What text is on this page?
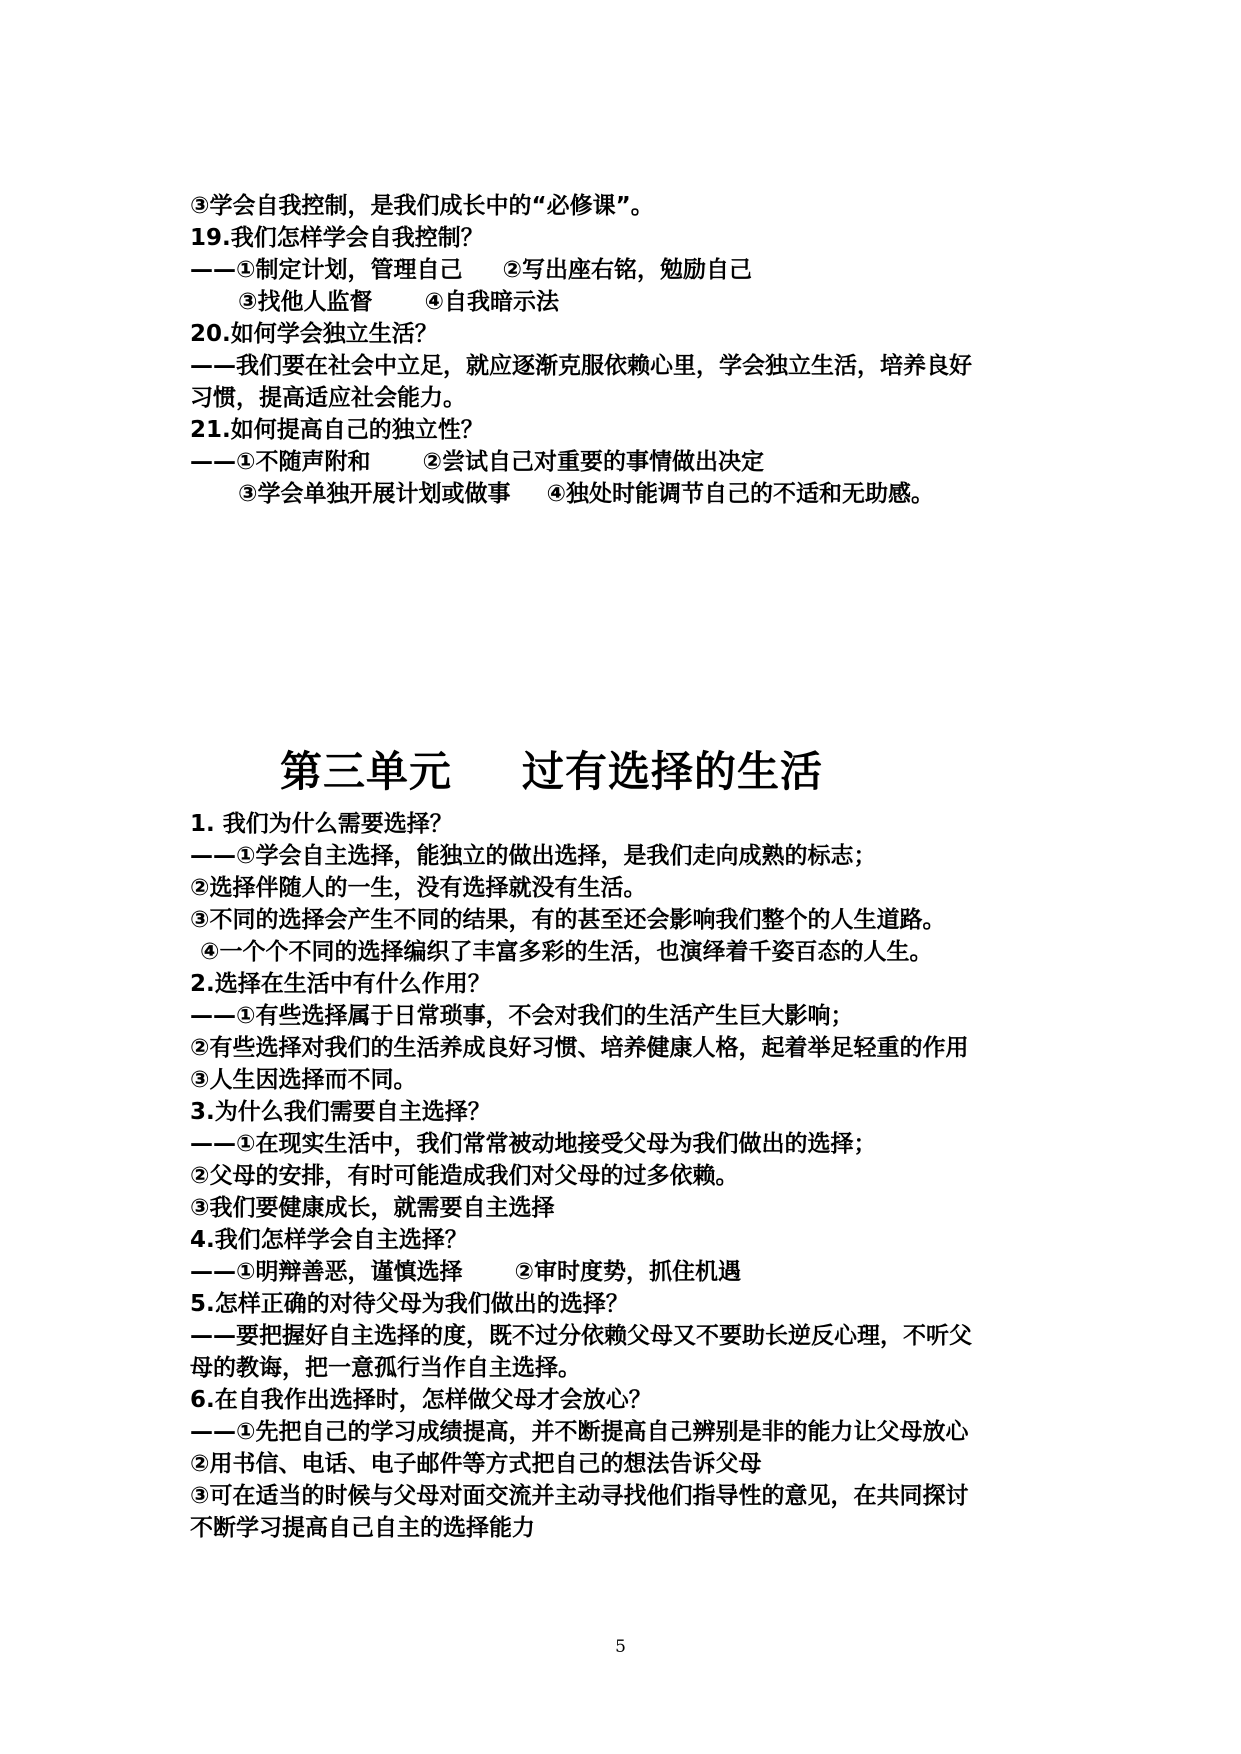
③学会自我控制，是我们成长中的“必修课”。
19.我们怎样学会自我控制？
——①制定计划，管理自己 ②写出座右铭，勉励自己
③找他人监督 ④自我暗示法
20.如何学会独立生活？
——我们要在社会中立足，就应逐渐克服依赖心里，学会独立生活，培养良好
习惯，提高适应社会能力。
21.如何提高自己的独立性？
——①不随声附和 ②尝试自己对重要的事情做出决定
③学会单独开展计划或做事 ④独处时能调节自己的不适和无助感。
第三单元 过有选择的生活
1. 我们为什么需要选择？
——①学会自主选择，能独立的做出选择，是我们走向成熟的标志；
②选择伴随人的一生，没有选择就没有生活。
③不同的选择会产生不同的结果，有的甚至还会影响我们整个的人生道路。
④一个个不同的选择编织了丰富多彩的生活，也演绎着千姿百态的人生。
2.选择在生活中有什么作用？
——①有些选择属于日常琐事，不会对我们的生活产生巨大影响；
②有些选择对我们的生活养成良好习惯、培养健康人格，起着举足轻重的作用
③人生因选择而不同。
3.为什么我们需要自主选择？
——①在现实生活中，我们常常被动地接受父母为我们做出的选择；
②父母的安排，有时可能造成我们对父母的过多依赖。
③我们要健康成长，就需要自主选择
4.我们怎样学会自主选择？
——①明辩善恶，谨慎选择 ②审时度势，抓住机遇
5.怎样正确的对待父母为我们做出的选择？
——要把握好自主选择的度，既不过分依赖父母又不要助长逆反心理，不听父
母的教诲，把一意孤行当作自主选择。
6.在自我作出选择时，怎样做父母才会放心？
——①先把自己的学习成绩提高，并不断提高自己辨别是非的能力让父母放心
②用书信、电话、电子邮件等方式把自己的想法告诉父母
③可在适当的时候与父母对面交流并主动寻找他们指导性的意见，在共同探讨
不断学习提高自己自主的选择能力
5
